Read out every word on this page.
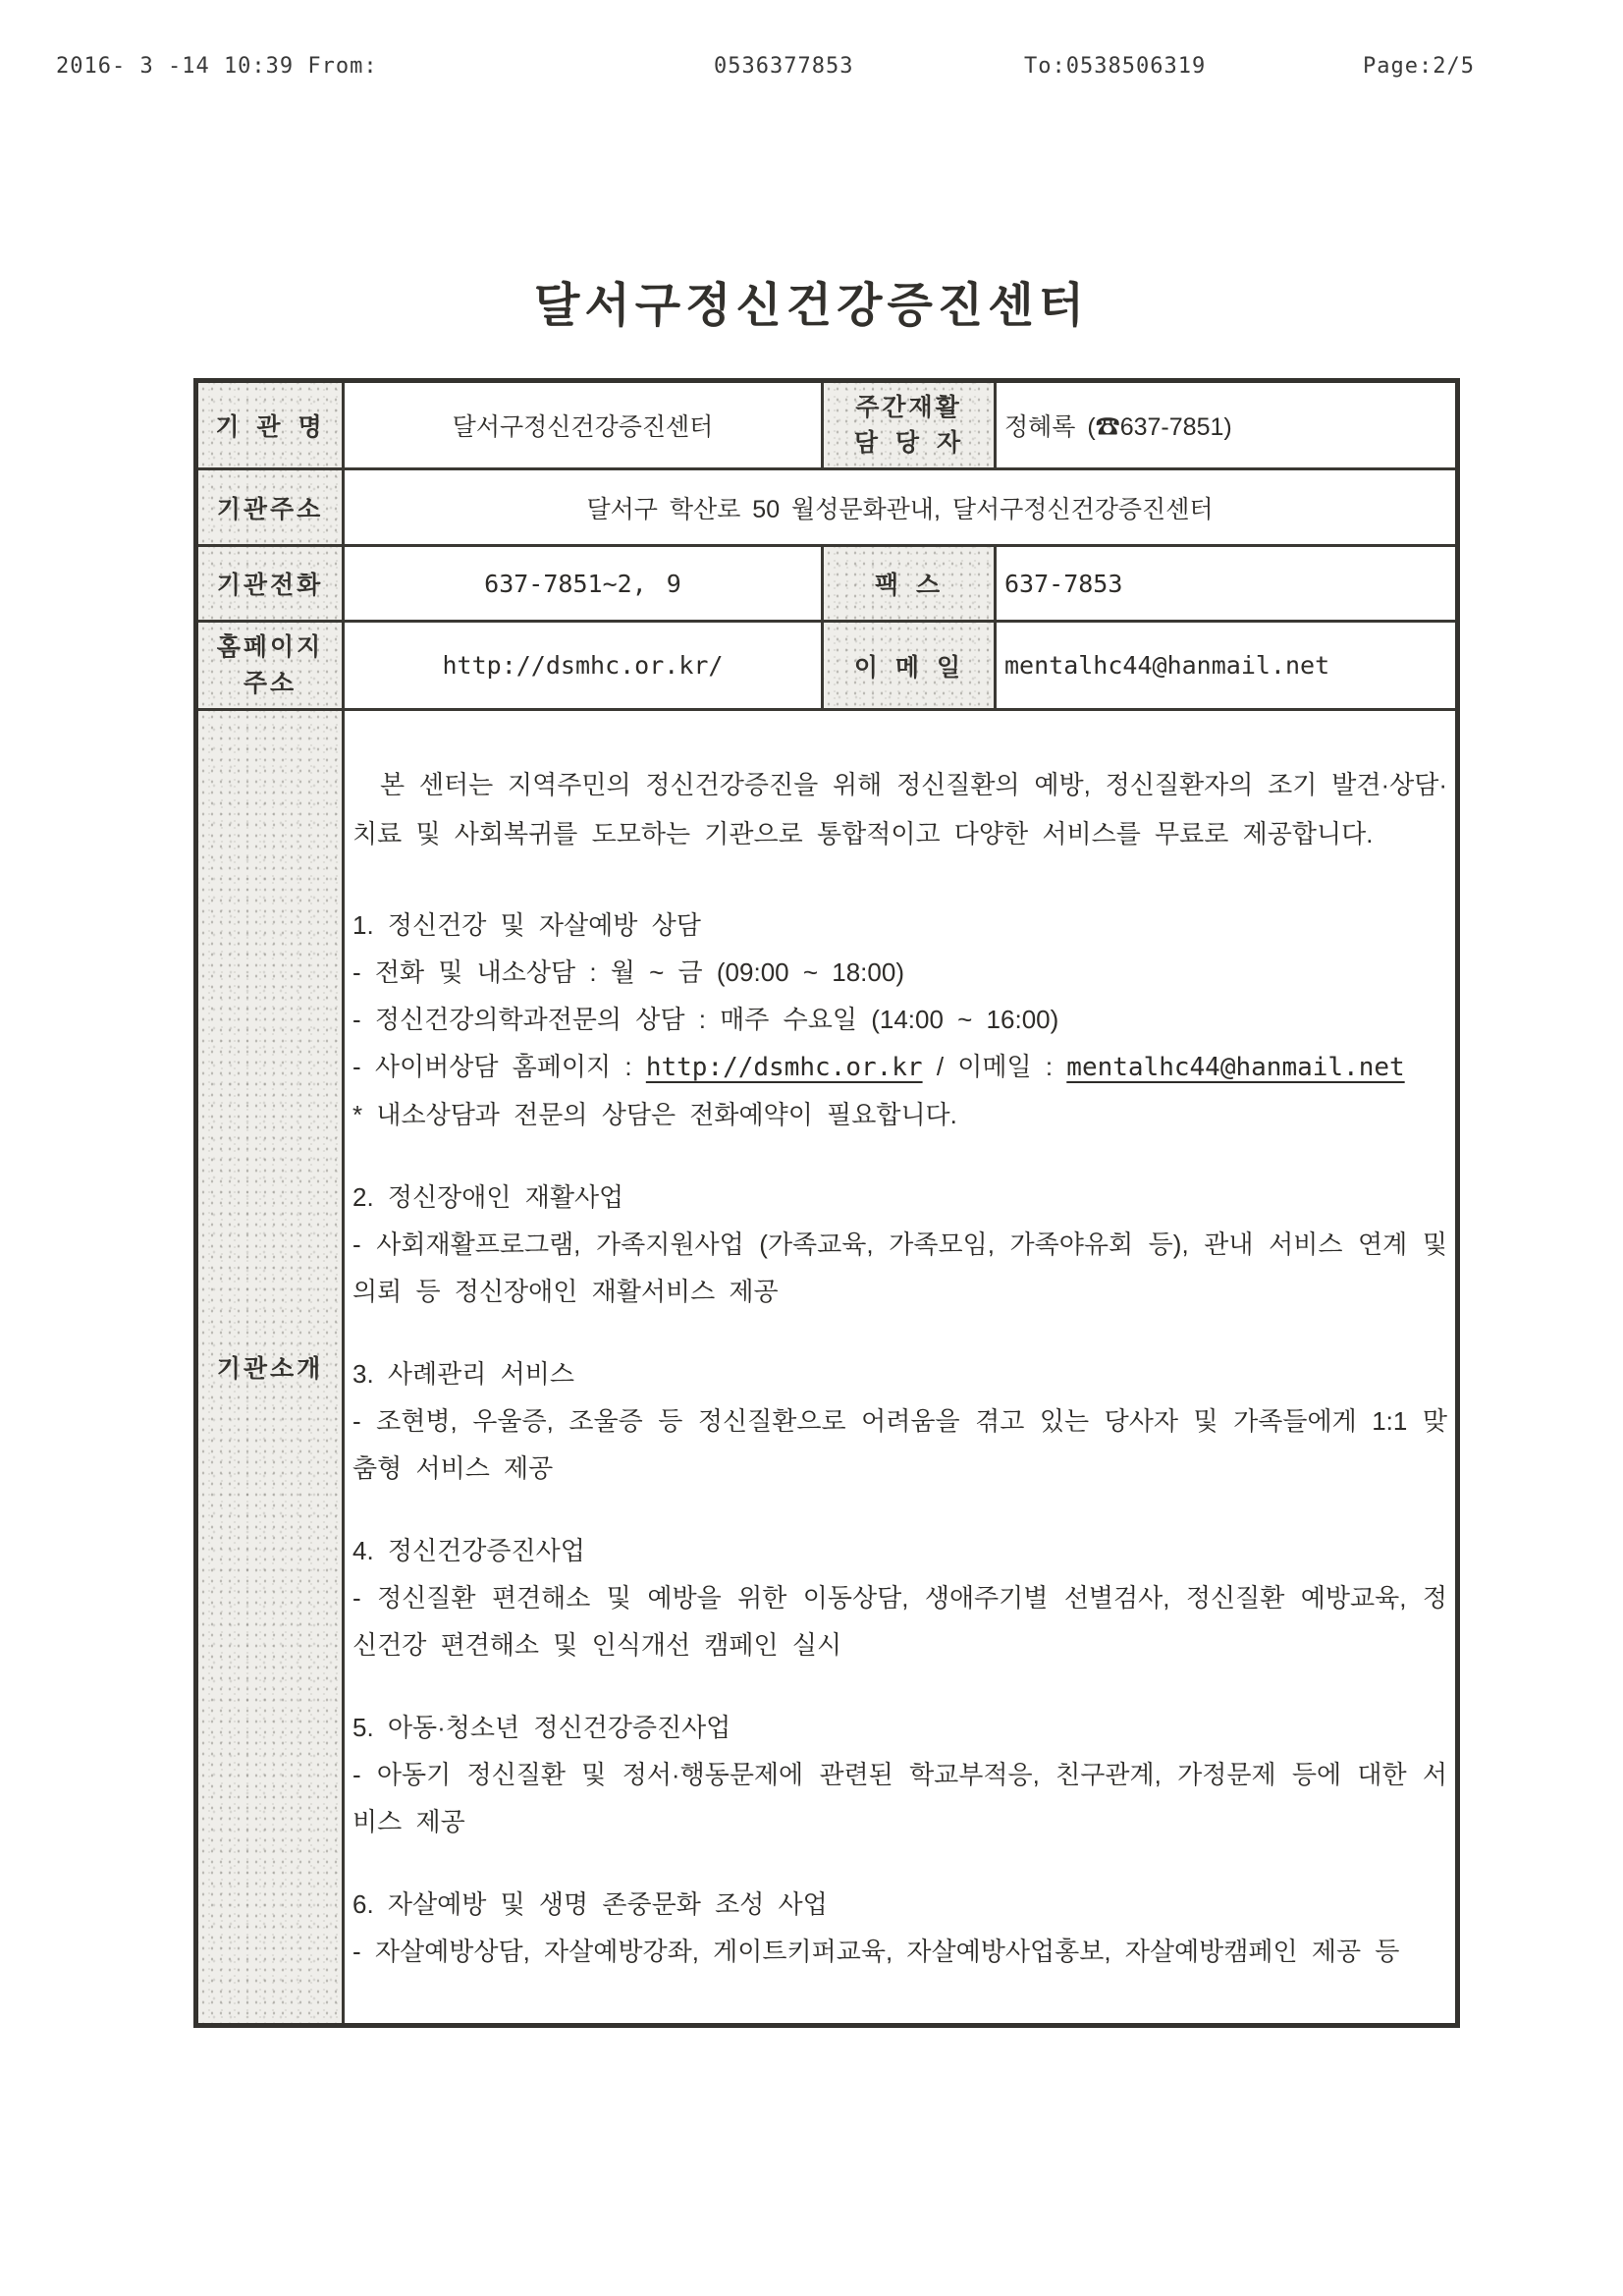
2016- 3 -14 10:39 From:	0536377853	To:0538506319	Page:2/5
달서구정신건강증진센터
기 관 명	달서구정신건강증진센터	주간재활
담 당 자	정혜록 (☎637-7851)
기관주소	달서구 학산로 50 월성문화관내, 달서구정신건강증진센터		
기관전화	637-7851~2, 9	팩 스	637-7853

홈페이지
주소	http://dsmhc.or.kr/	이 메 일	mentalhc44@hanmail.net
기관소개	

본 센터는 지역주민의 정신건강증진을 위해 정신질환의 예방, 정신질환자의 조기 발견·상담·치료 및 사회복귀를 도모하는 기관으로 통합적이고 다양한 서비스를 무료로 제공합니다.

1. 정신건강 및 자살예방 상담
- 전화 및 내소상담 : 월 ~ 금 (09:00 ~ 18:00)
- 정신건강의학과전문의 상담 : 매주 수요일 (14:00 ~ 16:00)
- 사이버상담 홈페이지 : http://dsmhc.or.kr / 이메일 : mentalhc44@hanmail.net
* 내소상담과 전문의 상담은 전화예약이 필요합니다.
2. 정신장애인 재활사업
- 사회재활프로그램, 가족지원사업 (가족교육, 가족모임, 가족야유회 등), 관내 서비스 연계 및 의뢰 등 정신장애인 재활서비스 제공
3. 사례관리 서비스
- 조현병, 우울증, 조울증 등 정신질환으로 어려움을 겪고 있는 당사자 및 가족들에게 1:1 맞춤형 서비스 제공
4. 정신건강증진사업
- 정신질환 편견해소 및 예방을 위한 이동상담, 생애주기별 선별검사, 정신질환 예방교육, 정신건강 편견해소 및 인식개선 캠페인 실시
5. 아동·청소년 정신건강증진사업
- 아동기 정신질환 및 정서·행동문제에 관련된 학교부적응, 친구관계, 가정문제 등에 대한 서비스 제공
6. 자살예방 및 생명 존중문화 조성 사업
- 자살예방상담, 자살예방강좌, 게이트키퍼교육, 자살예방사업홍보, 자살예방캠페인 제공 등
